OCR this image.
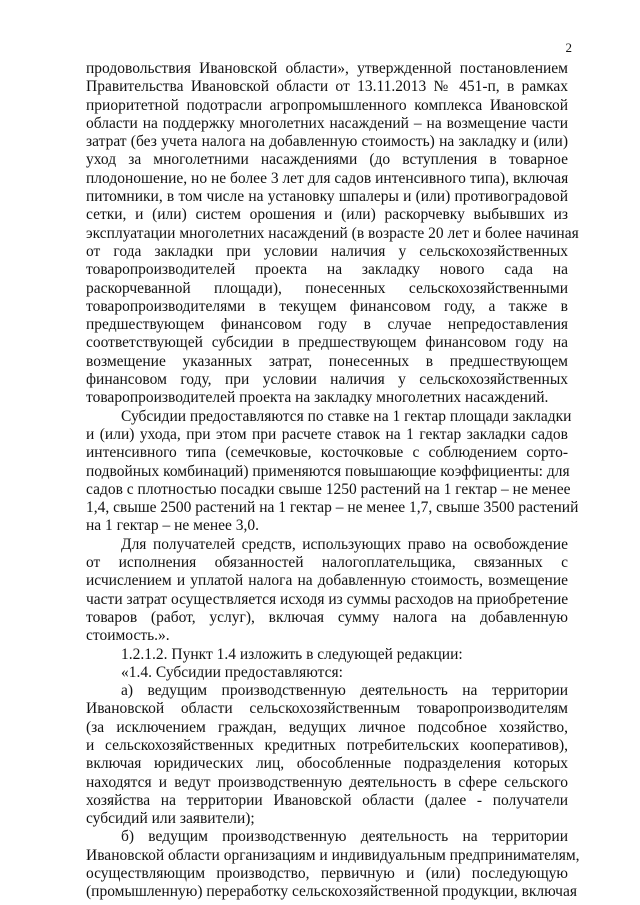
2
продовольствия Ивановской области», утвержденной постановлением
Правительства Ивановской области от 13.11.2013 № 451-п, в рамках
приоритетной подотрасли агропромышленного комплекса Ивановской
области на поддержку многолетних насаждений – на возмещение части
затрат (без учета налога на добавленную стоимость) на закладку и (или)
уход за многолетними насаждениями (до вступления в товарное
плодоношение, но не более 3 лет для садов интенсивного типа), включая
питомники, в том числе на установку шпалеры и (или) противоградовой
сетки, и (или) систем орошения и (или) раскорчевку выбывших из
эксплуатации многолетних насаждений (в возрасте 20 лет и более начиная
от года закладки при условии наличия у сельскохозяйственных
товаропроизводителей проекта на закладку нового сада на
раскорчеванной площади), понесенных сельскохозяйственными
товаропроизводителями в текущем финансовом году, а также в
предшествующем финансовом году в случае непредоставления
соответствующей субсидии в предшествующем финансовом году на
возмещение указанных затрат, понесенных в предшествующем
финансовом году, при условии наличия у сельскохозяйственных
товаропроизводителей проекта на закладку многолетних насаждений.
Субсидии предоставляются по ставке на 1 гектар площади закладки
и (или) ухода, при этом при расчете ставок на 1 гектар закладки садов
интенсивного типа (семечковые, косточковые с соблюдением сорто-
подвойных комбинаций) применяются повышающие коэффициенты: для
садов с плотностью посадки свыше 1250 растений на 1 гектар – не менее
1,4, свыше 2500 растений на 1 гектар – не менее 1,7, свыше 3500 растений
на 1 гектар – не менее 3,0.
Для получателей средств, использующих право на освобождение
от исполнения обязанностей налогоплательщика, связанных с
исчислением и уплатой налога на добавленную стоимость, возмещение
части затрат осуществляется исходя из суммы расходов на приобретение
товаров (работ, услуг), включая сумму налога на добавленную
стоимость.».
1.2.1.2. Пункт 1.4 изложить в следующей редакции:
«1.4. Субсидии предоставляются:
а) ведущим производственную деятельность на территории
Ивановской области сельскохозяйственным товаропроизводителям
(за исключением граждан, ведущих личное подсобное хозяйство,
и сельскохозяйственных кредитных потребительских кооперативов),
включая юридических лиц, обособленные подразделения которых
находятся и ведут производственную деятельность в сфере сельского
хозяйства на территории Ивановской области (далее - получатели
субсидий или заявители);
б) ведущим производственную деятельность на территории
Ивановской области организациям и индивидуальным предпринимателям,
осуществляющим производство, первичную и (или) последующую
(промышленную) переработку сельскохозяйственной продукции, включая
